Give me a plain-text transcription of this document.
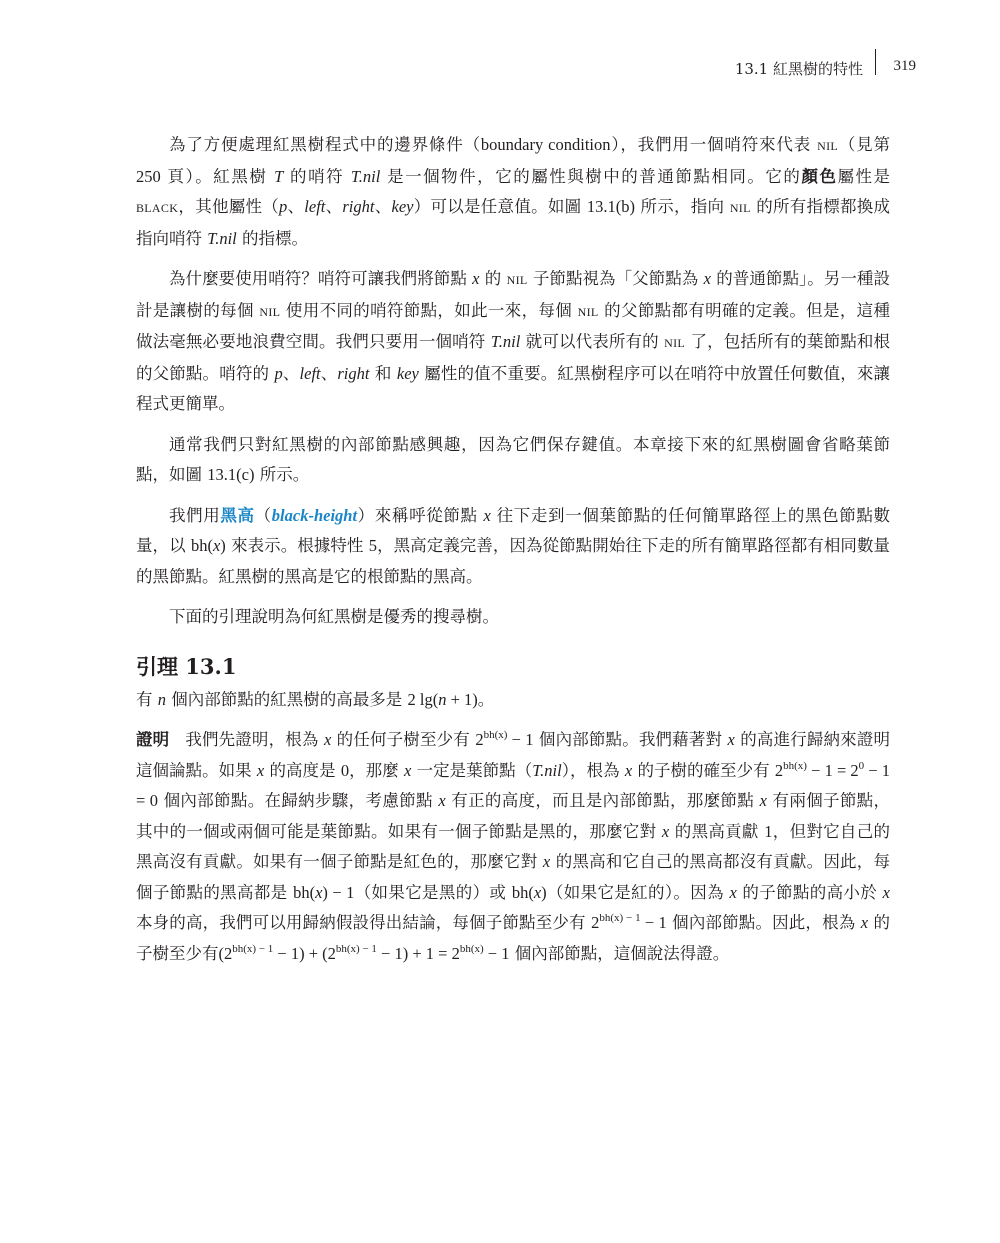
13.1 紅黑樹的特性 319

為了方便處理紅黑樹程式中的邊界條件（boundary condition），我們用一個哨符來代表 NIL（見第 250 頁）。紅黑樹 T 的哨符 T.nil 是一個物件，它的屬性與樹中的普通節點相同。它的顏色屬性是 BLACK，其他屬性（p、left、right、key）可以是任意值。如圖 13.1(b) 所示，指向 NIL 的所有指標都換成指向哨符 T.nil 的指標。

為什麼要使用哨符？哨符可讓我們將節點 x 的 NIL 子節點視為「父節點為 x 的普通節點」。另一種設計是讓樹的每個 NIL 使用不同的哨符節點，如此一來，每個 NIL 的父節點都有明確的定義。但是，這種做法毫無必要地浪費空間。我們只要用一個哨符 T.nil 就可以代表所有的 NIL 了，包括所有的葉節點和根的父節點。哨符的 p、left、right 和 key 屬性的值不重要。紅黑樹程序可以在哨符中放置任何數值，來讓程式更簡單。

通常我們只對紅黑樹的內部節點感興趣，因為它們保存鍵值。本章接下來的紅黑樹圖會省略葉節點，如圖 13.1(c) 所示。

我們用黑高（black-height）來稱呼從節點 x 往下走到一個葉節點的任何簡單路徑上的黑色節點數量，以 bh(x) 來表示。根據特性 5，黑高定義完善，因為從節點開始往下走的所有簡單路徑都有相同數量的黑節點。紅黑樹的黑高是它的根節點的黑高。

下面的引理說明為何紅黑樹是優秀的搜尋樹。

引理 13.1

有 n 個內部節點的紅黑樹的高最多是 2 lg(n + 1)。

證明 我們先證明，根為 x 的任何子樹至少有 $2^{bh(x)} - 1$ 個內部節點。我們藉著對 x 的高進行歸納來證明這個論點。如果 x 的高度是 0，那麼 x 一定是葉節點（T.nil），根為 x 的子樹的確至少有 $2^{bh(x)} - 1 = 2^0 - 1 = 0$ 個內部節點。在歸納步驟，考慮節點 x 有正的高度，而且是內部節點，那麼節點 x 有兩個子節點，其中的一個或兩個可能是葉節點。如果有一個子節點是黑的，那麼它對 x 的黑高貢獻 1，但對它自己的黑高沒有貢獻。如果有一個子節點是紅色的，那麼它對 x 的黑高和它自己的黑高都沒有貢獻。因此，每個子節點的黑高都是 bh(x) − 1（如果它是黑的）或 bh(x)（如果它是紅的）。因為 x 的子節點的高小於 x 本身的高，我們可以用歸納假設得出結論，每個子節點至少有 $2^{bh(x) - 1} - 1$ 個內部節點。因此，根為 x 的子樹至少有$(2^{bh(x) - 1} - 1) + (2^{bh(x) - 1} - 1) + 1 = 2^{bh(x)} - 1$ 個內部節點，這個說法得證。
